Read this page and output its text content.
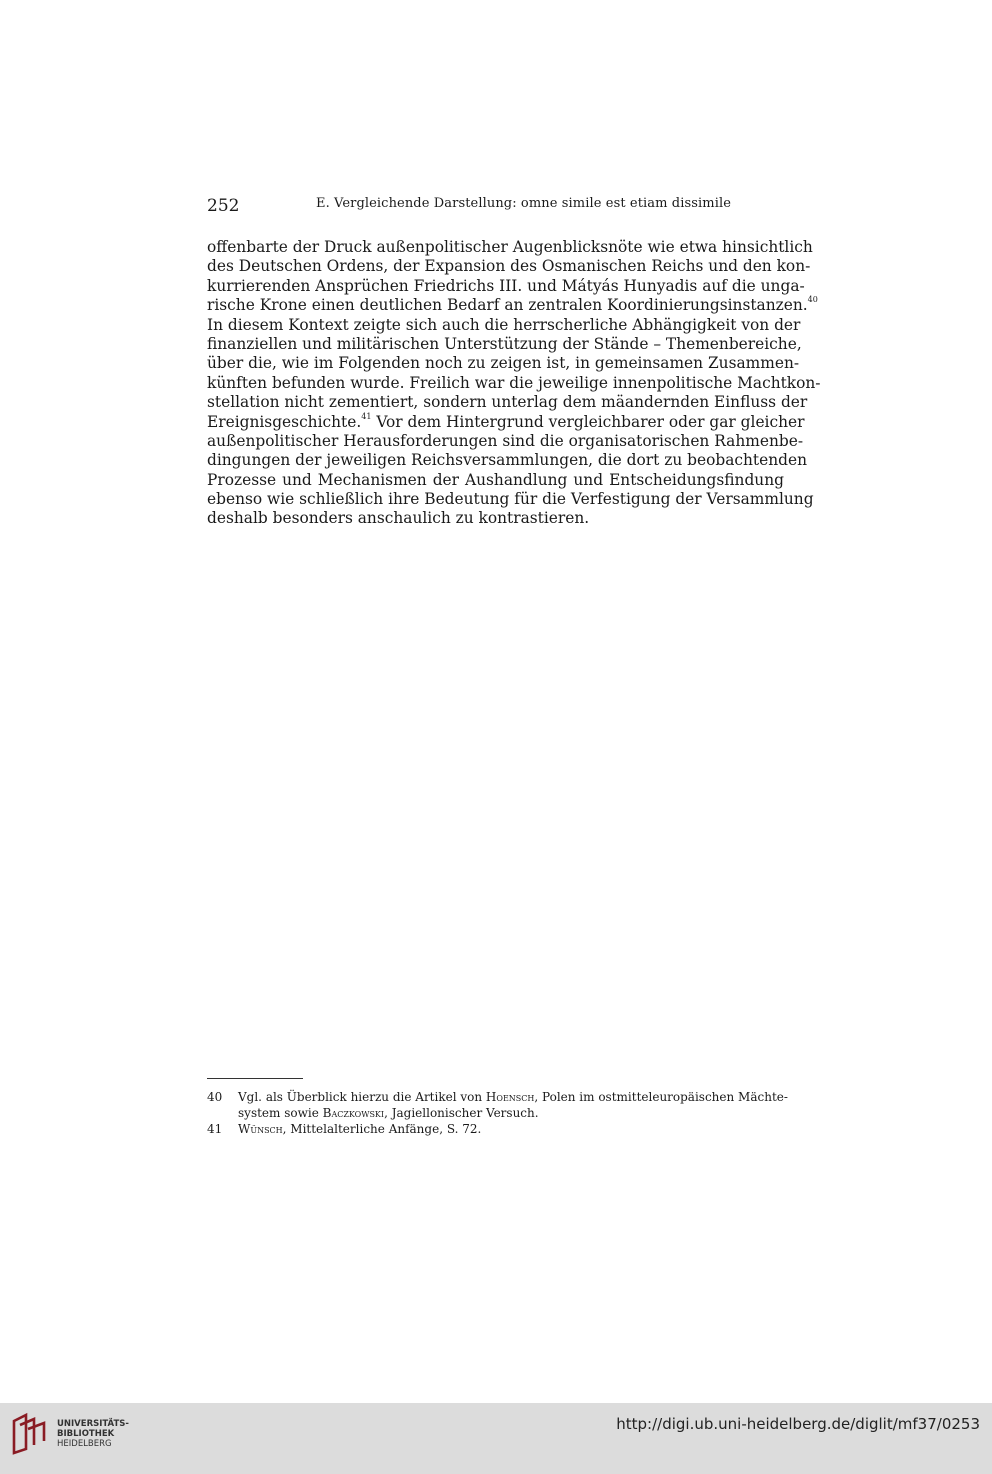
252	E. Vergleichende Darstellung: omne simile est etiam dissimile
offenbarte der Druck außenpolitischer Augenblicksnöte wie etwa hinsichtlich
des Deutschen Ordens, der Expansion des Osmanischen Reichs und den kon-
kurrierenden Ansprüchen Friedrichs III. und Mátyás Hunyadis auf die unga-
rische Krone einen deutlichen Bedarf an zentralen Koordinierungsinstanzen.$^{40}$
In diesem Kontext zeigte sich auch die herrscherliche Abhängigkeit von der
finanziellen und militärischen Unterstützung der Stände – Themenbereiche,
über die, wie im Folgenden noch zu zeigen ist, in gemeinsamen Zusammen-
künften befunden wurde. Freilich war die jeweilige innenpolitische Machtkon-
stellation nicht zementiert, sondern unterlag dem mäandernden Einfluss der
Ereignisgeschichte.$^{41}$ Vor dem Hintergrund vergleichbarer oder gar gleicher
außenpolitischer Herausforderungen sind die organisatorischen Rahmenbe-
dingungen der jeweiligen Reichsversammlungen, die dort zu beobachtenden
Prozesse und Mechanismen der Aushandlung und Entscheidungsfindung
ebenso wie schließlich ihre Bedeutung für die Verfestigung der Versammlung
deshalb besonders anschaulich zu kontrastieren.
40 Vgl. als Überblick hierzu die Artikel von Hoensch, Polen im ostmitteleuropäischen Mächte-
system sowie Baczkowski, Jagiellonischer Versuch.
41 Wünsch, Mittelalterliche Anfänge, S. 72.
UNIVERSITÄTS-
BIBLIOTHEK
HEIDELBERG
http://digi.ub.uni-heidelberg.de/diglit/mf37/0253
